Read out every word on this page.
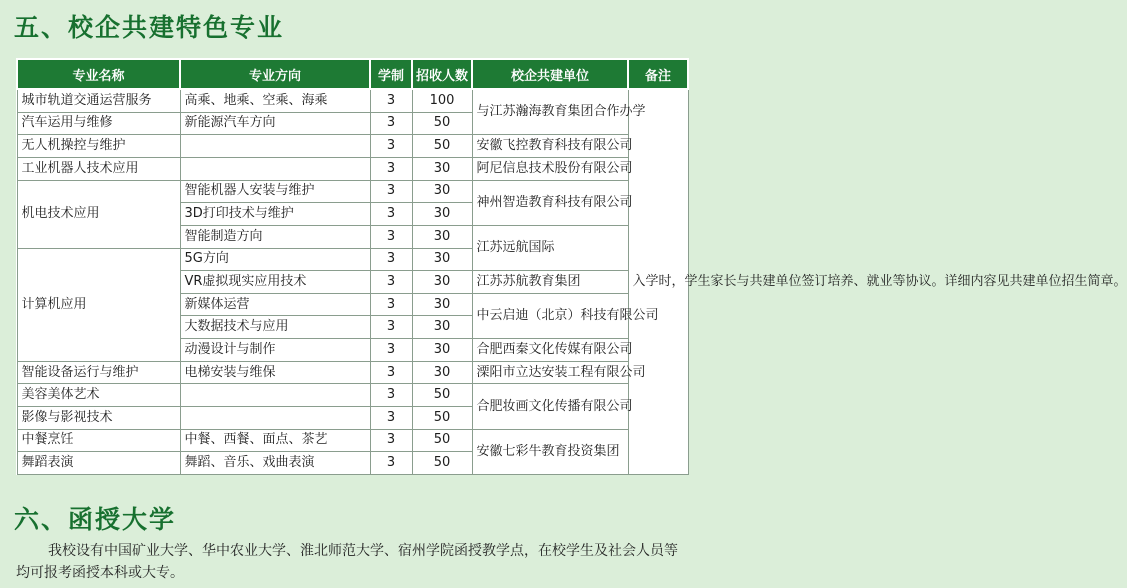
五、校企共建特色专业
专业名称	专业方向	学制	招收人数	校企共建单位	备注
城市轨道交通运营服务	高乘、地乘、空乘、海乘	3	100	与江苏瀚海教育集团合作办学	入学时，学生家长与共建单位签订培养、就业等协议。详细内容见共建单位招生简章。
汽车运用与维修	新能源汽车方向	3	50		
无人机操控与维护		3	50	安徽飞控教育科技有限公司	
工业机器人技术应用		3	30	阿尼信息技术股份有限公司	
机电技术应用	智能机器人安装与维护	3	30	神州智造教育科技有限公司	
	3D打印技术与维护	3	30		
	智能制造方向	3	30	江苏远航国际	
计算机应用	5G方向	3	30		
	VR虚拟现实应用技术	3	30	江苏苏航教育集团	
	新媒体运营	3	30	中云启迪（北京）科技有限公司	
	大数据技术与应用	3	30		
	动漫设计与制作	3	30	合肥西秦文化传媒有限公司	
智能设备运行与维护	电梯安装与维保	3	30	溧阳市立达安装工程有限公司	
美容美体艺术		3	50	合肥妆画文化传播有限公司	
影像与影视技术		3	50		
中餐烹饪	中餐、西餐、面点、茶艺	3	50	安徽七彩牛教育投资集团	
舞蹈表演	舞蹈、音乐、戏曲表演	3	50		
六、函授大学

我校设有中国矿业大学、华中农业大学、淮北师范大学、宿州学院函授教学点，在校学生及社会人员等均可报考函授本科或大专。
